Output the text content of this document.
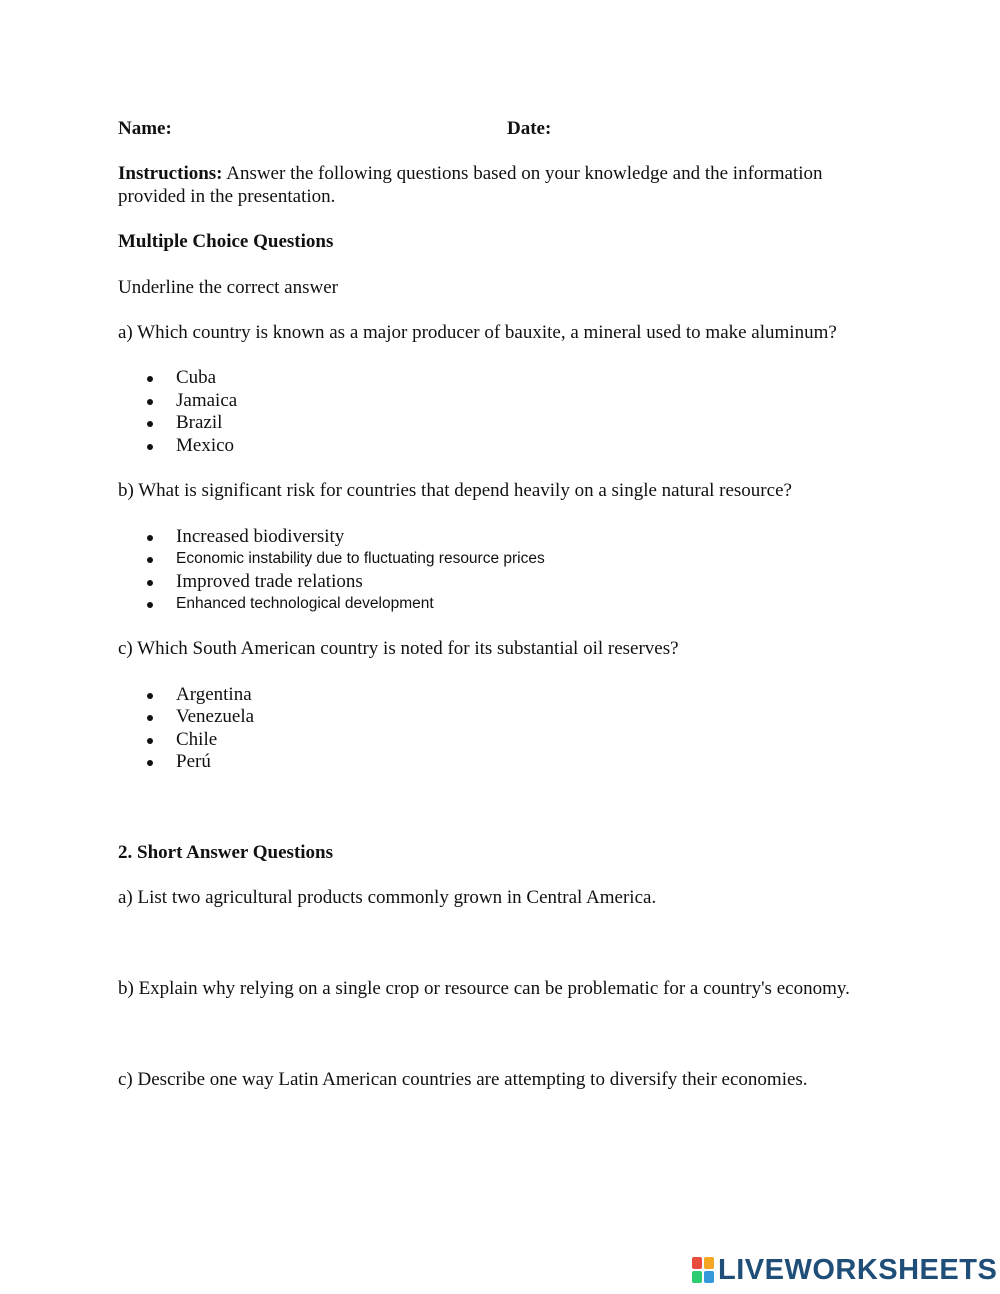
Name:	Date:
Instructions: Answer the following questions based on your knowledge and the information
provided in the presentation.
Multiple Choice Questions
Underline the correct answer
a) Which country is known as a major producer of bauxite, a mineral used to make aluminum?
Cuba
Jamaica
Brazil
Mexico
b) What is significant risk for countries that depend heavily on a single natural resource?
Increased biodiversity
Economic instability due to fluctuating resource prices
Improved trade relations
Enhanced technological development
c) Which South American country is noted for its substantial oil reserves?
Argentina
Venezuela
Chile
Perú
2. Short Answer Questions
a) List two agricultural products commonly grown in Central America.
b) Explain why relying on a single crop or resource can be problematic for a country's economy.
c) Describe one way Latin American countries are attempting to diversify their economies.
LIVEWORKSHEETS
